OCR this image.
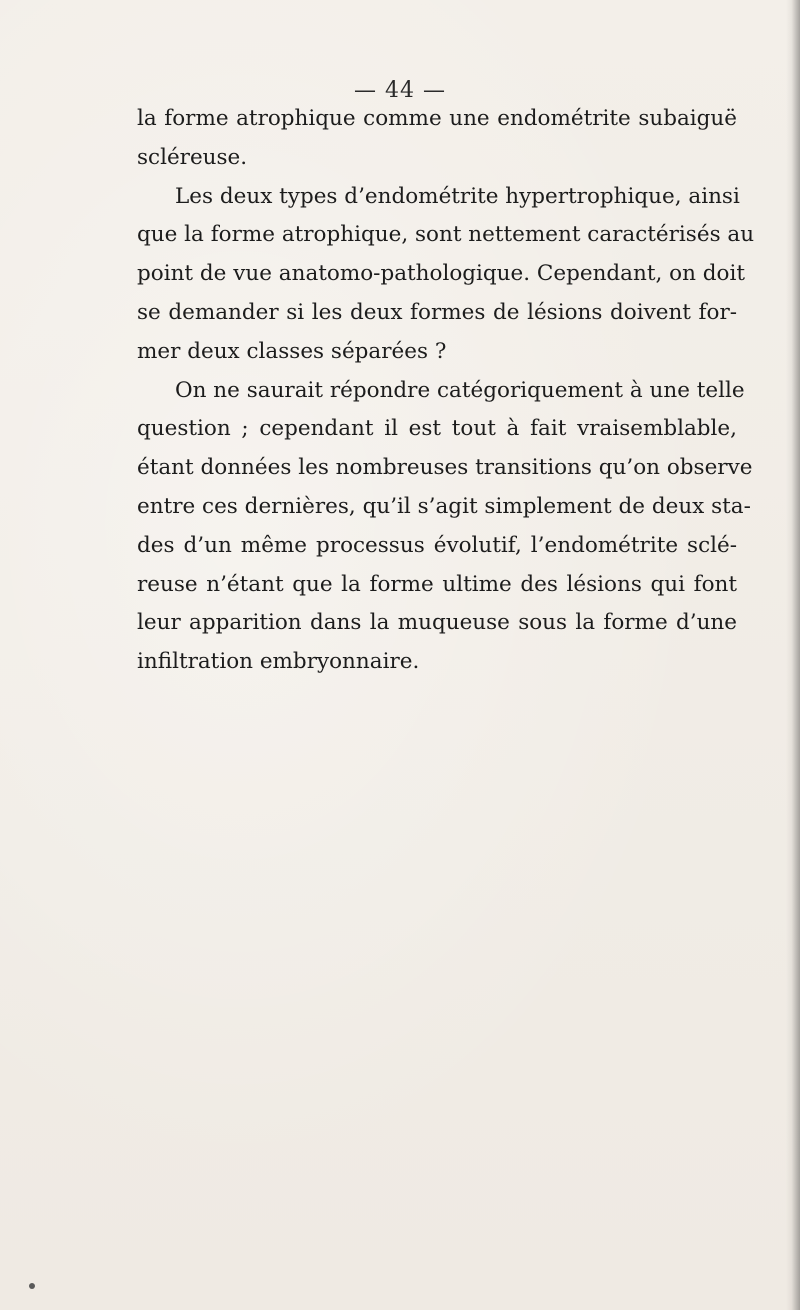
— 44 —
la forme atrophique comme une endométrite subaiguë
scléreuse.
Les deux types d’endométrite hypertrophique, ainsi
que la forme atrophique, sont nettement caractérisés au
point de vue anatomo-pathologique. Cependant, on doit
se demander si les deux formes de lésions doivent for-
mer deux classes séparées ?
On ne saurait répondre catégoriquement à une telle
question ; cependant il est tout à fait vraisemblable,
étant données les nombreuses transitions qu’on observe
entre ces dernières, qu’il s’agit simplement de deux sta-
des d’un même processus évolutif, l’endométrite sclé-
reuse n’étant que la forme ultime des lésions qui font
leur apparition dans la muqueuse sous la forme d’une
infiltration embryonnaire.
